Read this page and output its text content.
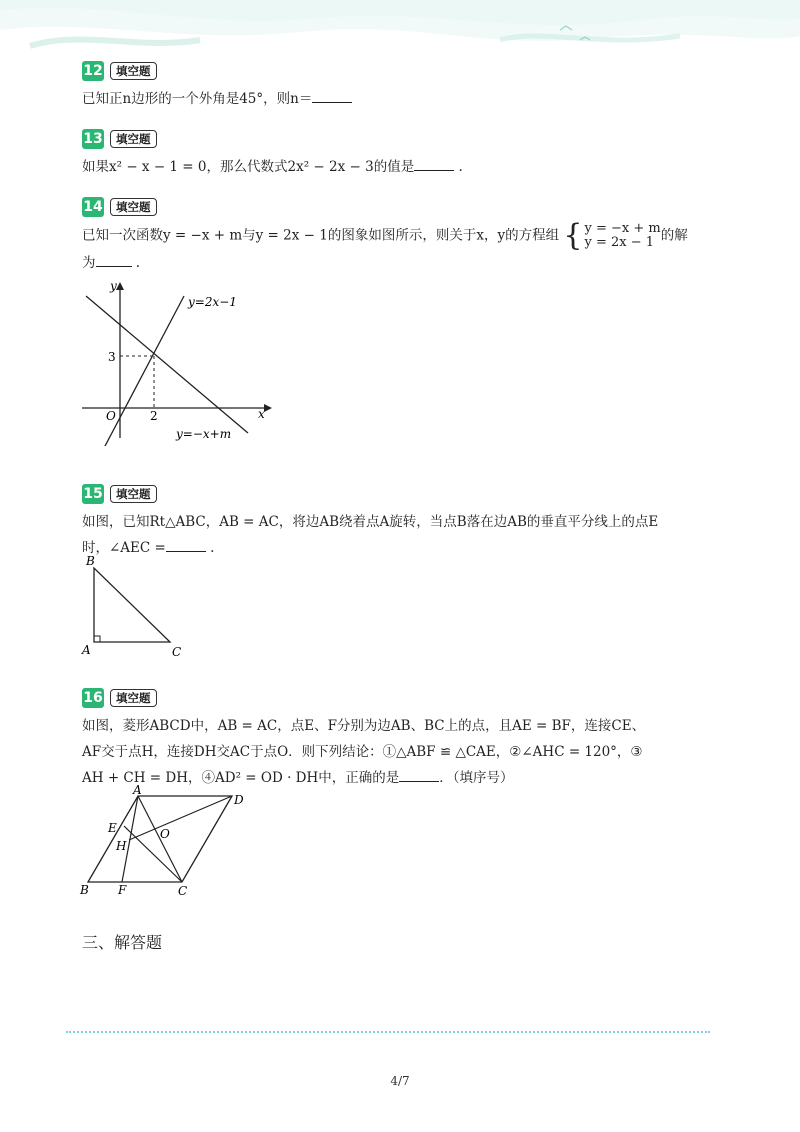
12	填空题
已知正n边形的一个外角是45°，则n＝
13	填空题
如果x² − x − 1 = 0，那么代数式2x² − 2x − 3的值是	.
14	填空题
已知一次函数y = −x + m与y = 2x − 1的图象如图所示，则关于x，y的方程组 { y = −x + m
y = 2x − 1 的解
为	.
y
x
O
3
2
y=2x−1
y=−x+m
15	填空题
如图，已知Rt△ABC，AB = AC，将边AB绕着点A旋转，当点B落在边AB的垂直平分线上的点E
时，∠AEC =	.
B
A	C
16	填空题
如图，菱形ABCD中，AB = AC，点E、F分别为边AB、BC上的点，且AE = BF，连接CE、
AF交于点H，连接DH交AC于点O．则下列结论：①△ABF ≌ △CAE，②∠AHC = 120°，③
AH + CH = DH，④AD² = OD · DH中，正确的是	．（填序号）
A
D
B	C
E
F
H
O
三、解答题
4/7
